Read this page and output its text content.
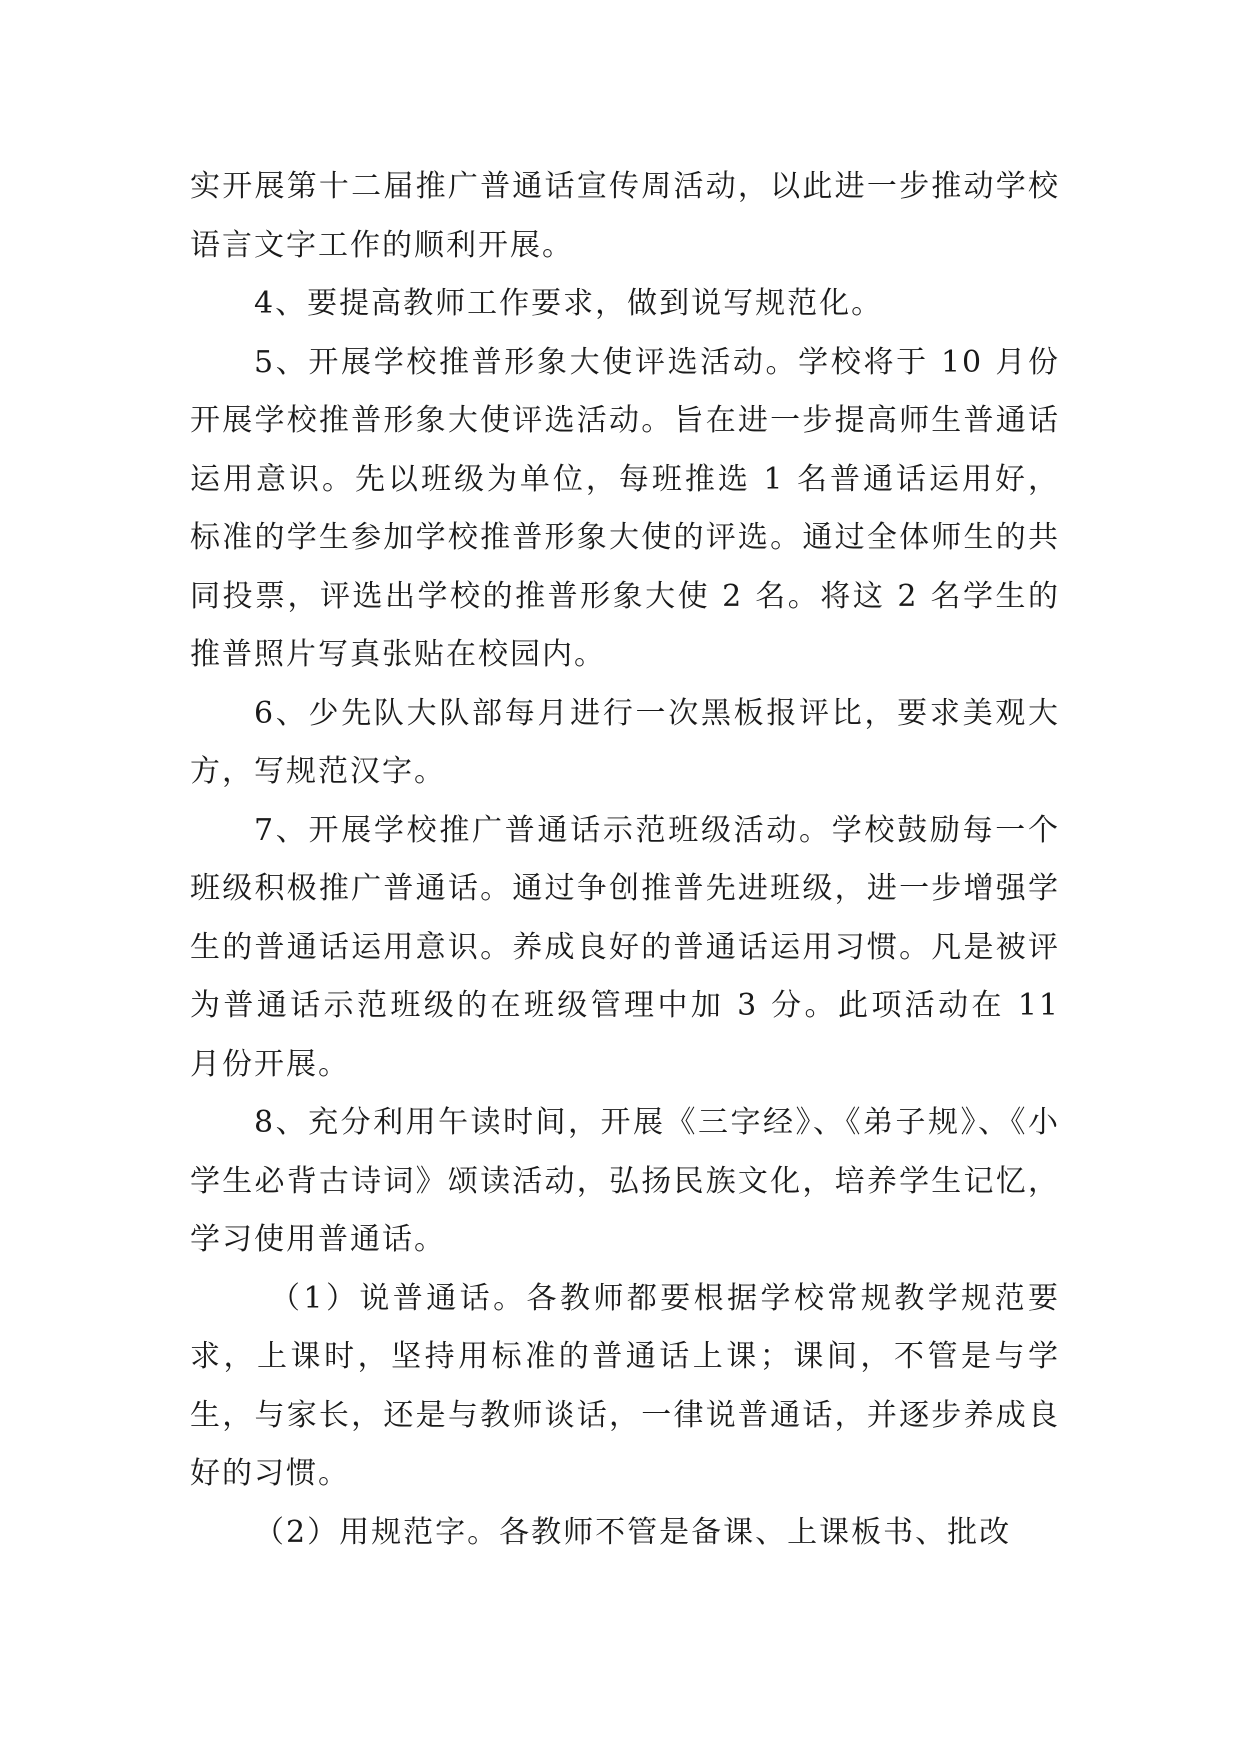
实开展第十二届推广普通话宣传周活动，以此进一步推动学校语言文字工作的顺利开展。

4、要提高教师工作要求，做到说写规范化。

5、开展学校推普形象大使评选活动。学校将于 10 月份开展学校推普形象大使评选活动。旨在进一步提高师生普通话运用意识。先以班级为单位，每班推选 1 名普通话运用好，标准的学生参加学校推普形象大使的评选。通过全体师生的共同投票，评选出学校的推普形象大使 2 名。将这 2 名学生的推普照片写真张贴在校园内。

6、少先队大队部每月进行一次黑板报评比，要求美观大方，写规范汉字。

7、开展学校推广普通话示范班级活动。学校鼓励每一个班级积极推广普通话。通过争创推普先进班级，进一步增强学生的普通话运用意识。养成良好的普通话运用习惯。凡是被评为普通话示范班级的在班级管理中加 3 分。此项活动在 11 月份开展。

8、充分利用午读时间，开展《三字经》、《弟子规》、《小学生必背古诗词》颂读活动，弘扬民族文化，培养学生记忆，学习使用普通话。

（1）说普通话。各教师都要根据学校常规教学规范要求，上课时，坚持用标准的普通话上课；课间，不管是与学生，与家长，还是与教师谈话，一律说普通话，并逐步养成良好的习惯。

（2）用规范字。各教师不管是备课、上课板书、批改
